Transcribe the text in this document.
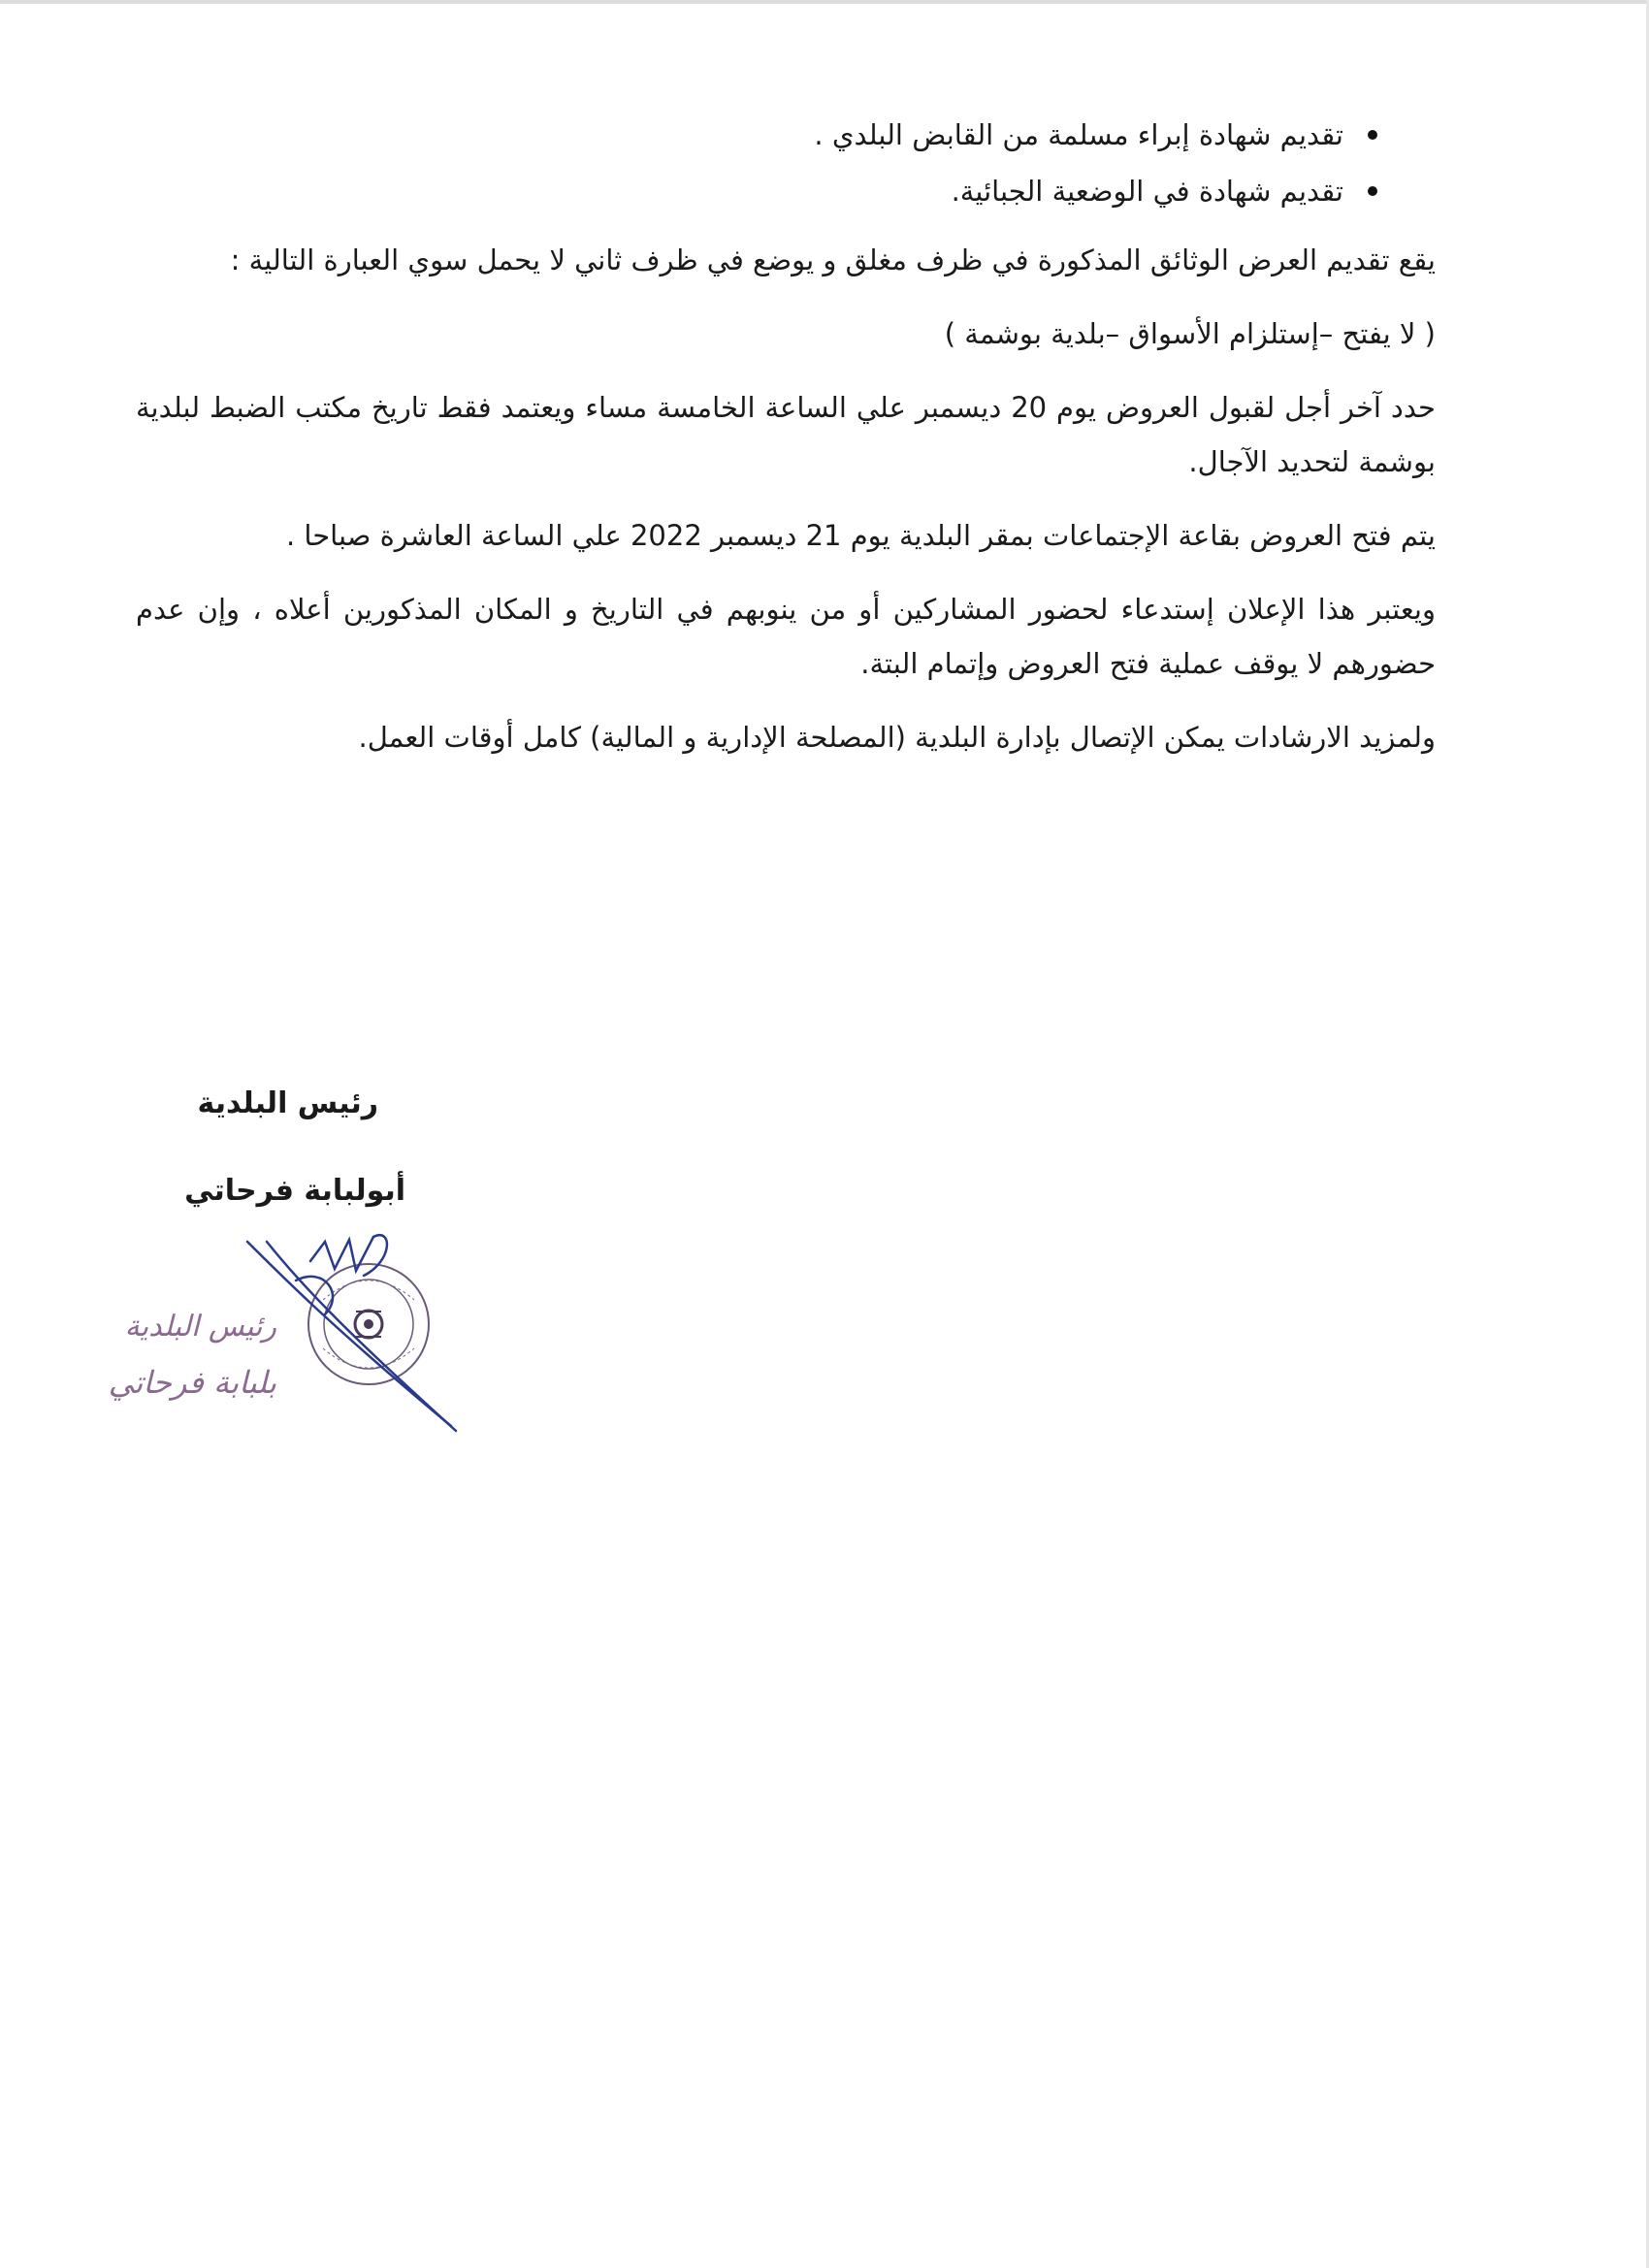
تقديم شهادة إبراء مسلمة من القابض البلدي .
تقديم شهادة في الوضعية الجبائية.

يقع تقديم العرض الوثائق المذكورة في ظرف مغلق و يوضع في ظرف ثاني لا يحمل سوي العبارة التالية :

( لا يفتح –إستلزام الأسواق –بلدية بوشمة )

حدد آخر أجل لقبول العروض يوم 20 ديسمبر علي الساعة الخامسة مساء ويعتمد فقط تاريخ مكتب الضبط لبلدية بوشمة لتحديد الآجال.

يتم فتح العروض بقاعة الإجتماعات بمقر البلدية يوم 21 ديسمبر 2022 علي الساعة العاشرة صباحا .

ويعتبر هذا الإعلان إستدعاء لحضور المشاركين أو من ينوبهم في التاريخ و المكان المذكورين أعلاه ، وإن عدم حضورهم لا يوقف عملية فتح العروض وإتمام البتة.

ولمزيد الارشادات يمكن الإتصال بإدارة البلدية (المصلحة الإدارية و المالية) كامل أوقات العمل.

رئيس البلدية
أبولبابة فرحاتي
رئيس البلدية
بلبابة فرحاتي
